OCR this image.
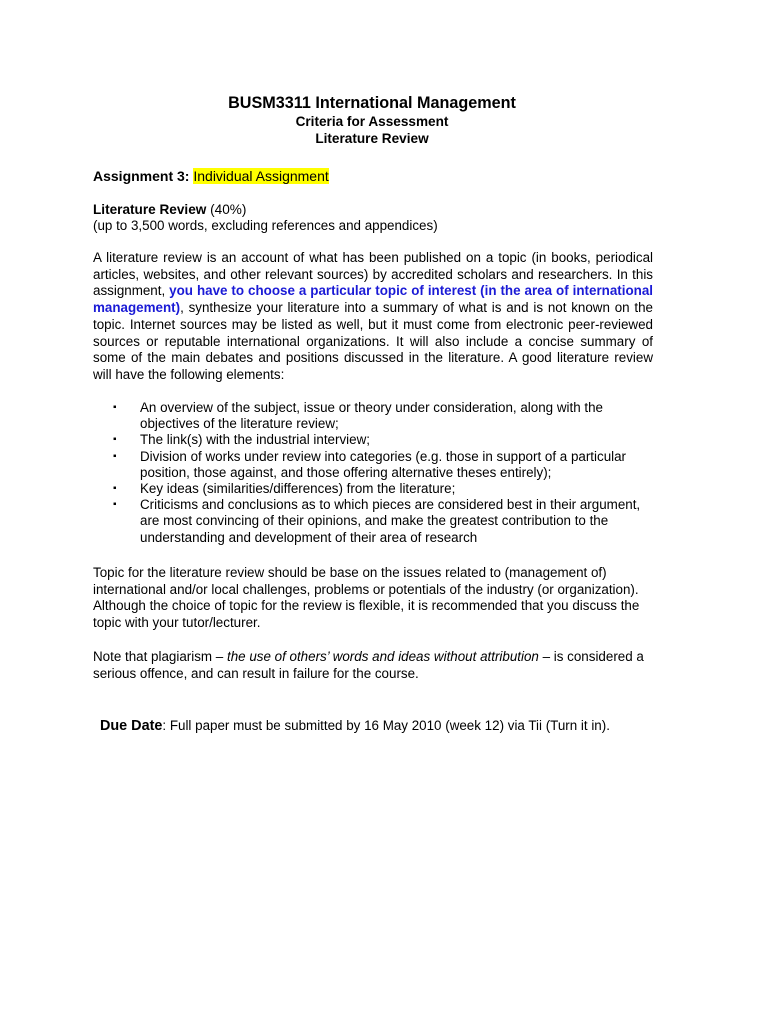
BUSM3311 International Management
Criteria for Assessment
Literature Review
Assignment 3: Individual Assignment
Literature Review (40%)
(up to 3,500 words, excluding references and appendices)
A literature review is an account of what has been published on a topic (in books, periodical articles, websites, and other relevant sources) by accredited scholars and researchers. In this assignment, you have to choose a particular topic of interest (in the area of international management), synthesize your literature into a summary of what is and is not known on the topic. Internet sources may be listed as well, but it must come from electronic peer-reviewed sources or reputable international organizations. It will also include a concise summary of some of the main debates and positions discussed in the literature. A good literature review will have the following elements:
▪ An overview of the subject, issue or theory under consideration, along with the objectives of the literature review;
▪ The link(s) with the industrial interview;
▪ Division of works under review into categories (e.g. those in support of a particular position, those against, and those offering alternative theses entirely);
▪ Key ideas (similarities/differences) from the literature;
▪ Criticisms and conclusions as to which pieces are considered best in their argument, are most convincing of their opinions, and make the greatest contribution to the understanding and development of their area of research
Topic for the literature review should be base on the issues related to (management of) international and/or local challenges, problems or potentials of the industry (or organization). Although the choice of topic for the review is flexible, it is recommended that you discuss the topic with your tutor/lecturer.
Note that plagiarism – the use of others’ words and ideas without attribution – is considered a serious offence, and can result in failure for the course.
Due Date: Full paper must be submitted by 16 May 2010 (week 12) via Tii (Turn it in).
